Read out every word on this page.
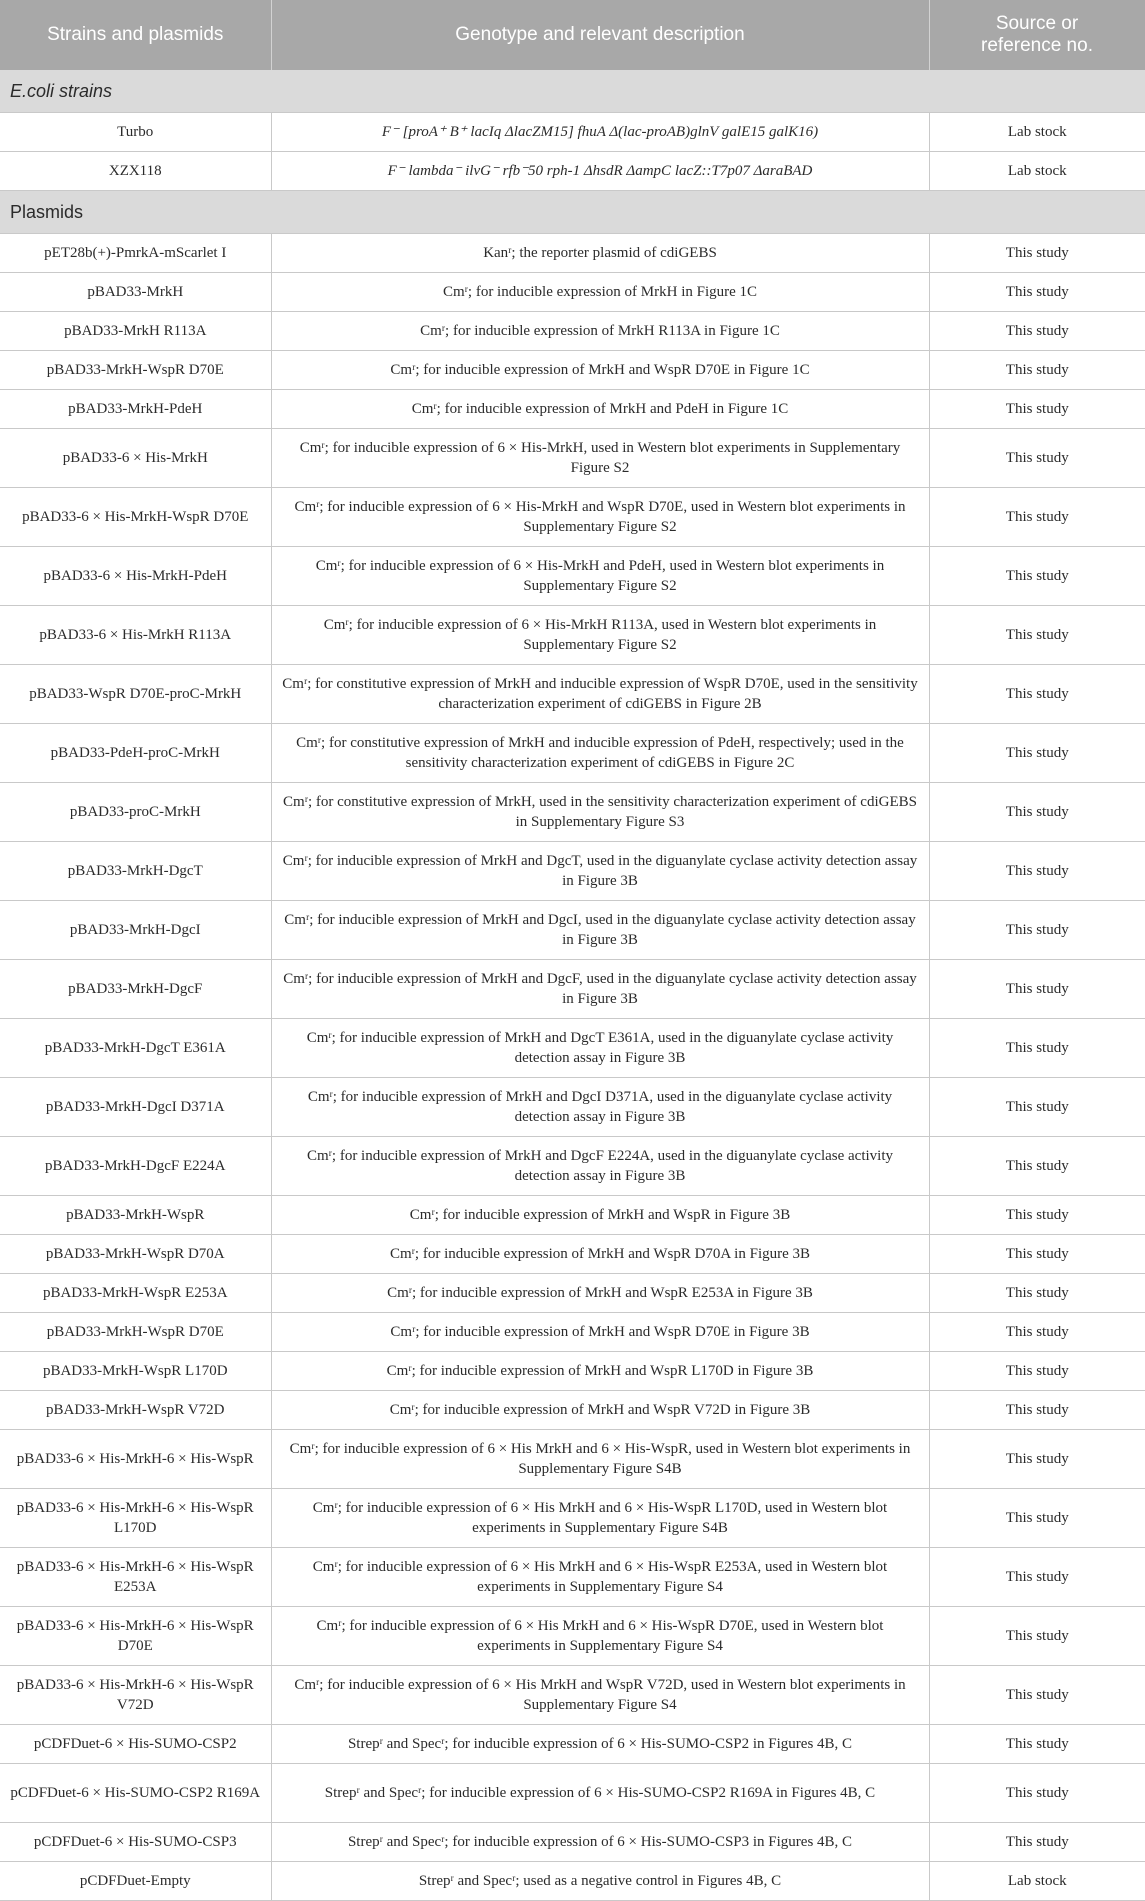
Strains and plasmids	Genotype and relevant description	Source or
reference no.
E.coli strains		
Turbo	F⁻ [proA⁺ B⁺ lacIq ΔlacZM15] fhuA Δ(lac-proAB)glnV galE15 galK16)	Lab stock
XZX118	F⁻ lambda⁻ ilvG⁻ rfb⁻50 rph-1 ΔhsdR ΔampC lacZ::T7p07 ΔaraBAD	Lab stock
Plasmids		
pET28b(+)-PmrkA-mScarlet I	Kanʳ; the reporter plasmid of cdiGEBS	This study
pBAD33-MrkH	Cmʳ; for inducible expression of MrkH in Figure 1C	This study
pBAD33-MrkH R113A	Cmʳ; for inducible expression of MrkH R113A in Figure 1C	This study
pBAD33-MrkH-WspR D70E	Cmʳ; for inducible expression of MrkH and WspR D70E in Figure 1C	This study
pBAD33-MrkH-PdeH	Cmʳ; for inducible expression of MrkH and PdeH in Figure 1C	This study
pBAD33-6 × His-MrkH	Cmʳ; for inducible expression of 6 × His-MrkH, used in Western blot experiments in Supplementary Figure S2	This study
pBAD33-6 × His-MrkH-WspR D70E	Cmʳ; for inducible expression of 6 × His-MrkH and WspR D70E, used in Western blot experiments in Supplementary Figure S2	This study
pBAD33-6 × His-MrkH-PdeH	Cmʳ; for inducible expression of 6 × His-MrkH and PdeH, used in Western blot experiments in Supplementary Figure S2	This study
pBAD33-6 × His-MrkH R113A	Cmʳ; for inducible expression of 6 × His-MrkH R113A, used in Western blot experiments in Supplementary Figure S2	This study
pBAD33-WspR D70E-proC-MrkH	Cmʳ; for constitutive expression of MrkH and inducible expression of WspR D70E, used in the sensitivity characterization experiment of cdiGEBS in Figure 2B	This study
pBAD33-PdeH-proC-MrkH	Cmʳ; for constitutive expression of MrkH and inducible expression of PdeH, respectively; used in the sensitivity characterization experiment of cdiGEBS in Figure 2C	This study
pBAD33-proC-MrkH	Cmʳ; for constitutive expression of MrkH, used in the sensitivity characterization experiment of cdiGEBS in Supplementary Figure S3	This study
pBAD33-MrkH-DgcT	Cmʳ; for inducible expression of MrkH and DgcT, used in the diguanylate cyclase activity detection assay in Figure 3B	This study
pBAD33-MrkH-DgcI	Cmʳ; for inducible expression of MrkH and DgcI, used in the diguanylate cyclase activity detection assay in Figure 3B	This study
pBAD33-MrkH-DgcF	Cmʳ; for inducible expression of MrkH and DgcF, used in the diguanylate cyclase activity detection assay in Figure 3B	This study
pBAD33-MrkH-DgcT E361A	Cmʳ; for inducible expression of MrkH and DgcT E361A, used in the diguanylate cyclase activity detection assay in Figure 3B	This study
pBAD33-MrkH-DgcI D371A	Cmʳ; for inducible expression of MrkH and DgcI D371A, used in the diguanylate cyclase activity detection assay in Figure 3B	This study
pBAD33-MrkH-DgcF E224A	Cmʳ; for inducible expression of MrkH and DgcF E224A, used in the diguanylate cyclase activity detection assay in Figure 3B	This study
pBAD33-MrkH-WspR	Cmʳ; for inducible expression of MrkH and WspR in Figure 3B	This study
pBAD33-MrkH-WspR D70A	Cmʳ; for inducible expression of MrkH and WspR D70A in Figure 3B	This study
pBAD33-MrkH-WspR E253A	Cmʳ; for inducible expression of MrkH and WspR E253A in Figure 3B	This study
pBAD33-MrkH-WspR D70E	Cmʳ; for inducible expression of MrkH and WspR D70E in Figure 3B	This study
pBAD33-MrkH-WspR L170D	Cmʳ; for inducible expression of MrkH and WspR L170D in Figure 3B	This study
pBAD33-MrkH-WspR V72D	Cmʳ; for inducible expression of MrkH and WspR V72D in Figure 3B	This study
pBAD33-6 × His-MrkH-6 × His-WspR	Cmʳ; for inducible expression of 6 × His MrkH and 6 × His-WspR, used in Western blot experiments in Supplementary Figure S4B	This study
pBAD33-6 × His-MrkH-6 × His-WspR L170D	Cmʳ; for inducible expression of 6 × His MrkH and 6 × His-WspR L170D, used in Western blot experiments in Supplementary Figure S4B	This study
pBAD33-6 × His-MrkH-6 × His-WspR E253A	Cmʳ; for inducible expression of 6 × His MrkH and 6 × His-WspR E253A, used in Western blot experiments in Supplementary Figure S4	This study
pBAD33-6 × His-MrkH-6 × His-WspR D70E	Cmʳ; for inducible expression of 6 × His MrkH and 6 × His-WspR D70E, used in Western blot experiments in Supplementary Figure S4	This study
pBAD33-6 × His-MrkH-6 × His-WspR V72D	Cmʳ; for inducible expression of 6 × His MrkH and WspR V72D, used in Western blot experiments in Supplementary Figure S4	This study
pCDFDuet-6 × His-SUMO-CSP2	Strepʳ and Specʳ; for inducible expression of 6 × His-SUMO-CSP2 in Figures 4B, C	This study
pCDFDuet-6 × His-SUMO-CSP2 R169A	Strepʳ and Specʳ; for inducible expression of 6 × His-SUMO-CSP2 R169A in Figures 4B, C	This study
pCDFDuet-6 × His-SUMO-CSP3	Strepʳ and Specʳ; for inducible expression of 6 × His-SUMO-CSP3 in Figures 4B, C	This study
pCDFDuet-Empty	Strepʳ and Specʳ; used as a negative control in Figures 4B, C	Lab stock
